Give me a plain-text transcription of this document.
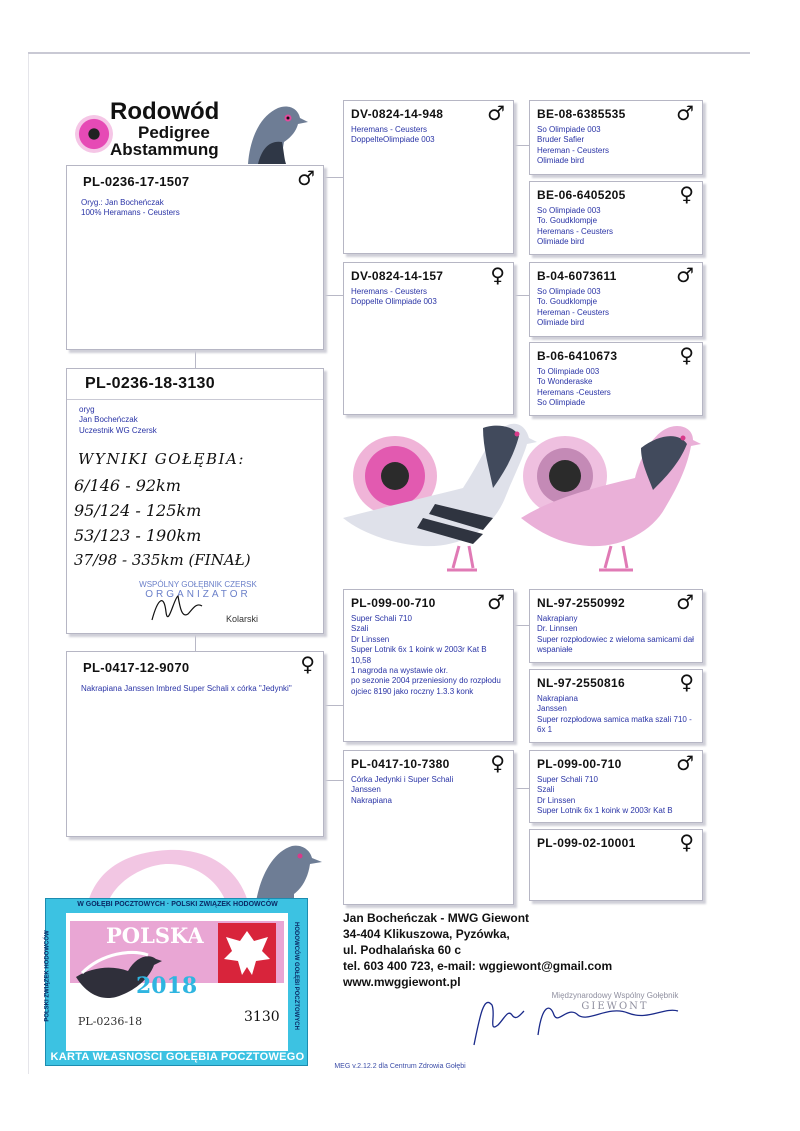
Rodowód
Pedigree
Abstammung
PL-0236-17-1507	♂
Oryg.: Jan Bocheńczak
100% Heramans - Ceusters
PL-0236-18-3130
oryg
Jan Bocheńczak
Uczestnik WG Czersk
WYNIKI GOŁĘBIA:
6/146 - 92km
95/124 - 125km
53/123 - 190km
37/98 - 335km (FINAŁ)
WSPÓLNY GOŁĘBNIK CZERSK
ORGANIZATOR
Kolarski
PL-0417-12-9070	♀
Nakrapiana Janssen Imbred Super Schali x córka "Jedynki"
DV-0824-14-948 ♂
Heremans - Ceusters
DoppelteOlimpiade 003
DV-0824-14-157 ♀
Heremans - Ceusters
Doppelte Olimpiade 003
BE-08-6385535	♂
So Olimpiade 003
Bruder Safier
Hereman - Ceusters
Olimiade bird
BE-06-6405205	♀
So Olimpiade 003
To. Goudklompje
Heremans - Ceusters
Olimiade bird
B-04-6073611	♂
So Olimpiade 003
To. Goudklompje
Hereman - Ceusters
Olimiade bird
B-06-6410673	♀
To Olimpiade 003
To Wonderaske
Heremans -Ceusters
So Olimpiade
PL-099-00-710	♂
Super Schali 710
Szali
Dr Linssen
Super Lotnik 6x 1 koink w 2003r Kat B 10,58
1 nagroda na wystawie okr.
po sezonie 2004 przeniesiony do rozpłodu ojciec 8190 jako roczny 1.3.3 konk
PL-0417-10-7380 ♀
Córka Jedynki i Super Schali
Janssen
Nakrapiana
NL-97-2550992	♂
Nakrapiany
Dr. Linnsen
Super rozpłodowiec z wieloma samicami dał wspaniałe
NL-97-2550816	♀
Nakrapiana
Janssen
Super rozpłodowa samica matka szali 710 - 6x 1
PL-099-00-710	♂
Super Schali 710
Szali
Dr Linssen
Super Lotnik 6x 1 koink w 2003r Kat B
PL-099-02-10001 ♀
Jan Bocheńczak - MWG Giewont
34-404 Klikuszowa, Pyzówka,
ul. Podhalańska 60 c
tel. 603 400 723, e-mail: wggiewont@gmail.com
www.mwggiewont.pl
Międzynarodowy Wspólny Gołębnik
GIEWONT
W GOŁĘBI POCZTOWYCH · POLSKI ZWIĄZEK HODOWCÓW
POLSKI ZWIĄZEK HODOWCÓW	HODOWCÓW GOŁĘBI POCZTOWYCH
POLSKA
2018
PL-0236-18	3130
KARTA WŁASNOŚCI GOŁĘBIA POCZTOWEGO
MEG v.2.12.2 dla Centrum Zdrowia Gołębi
